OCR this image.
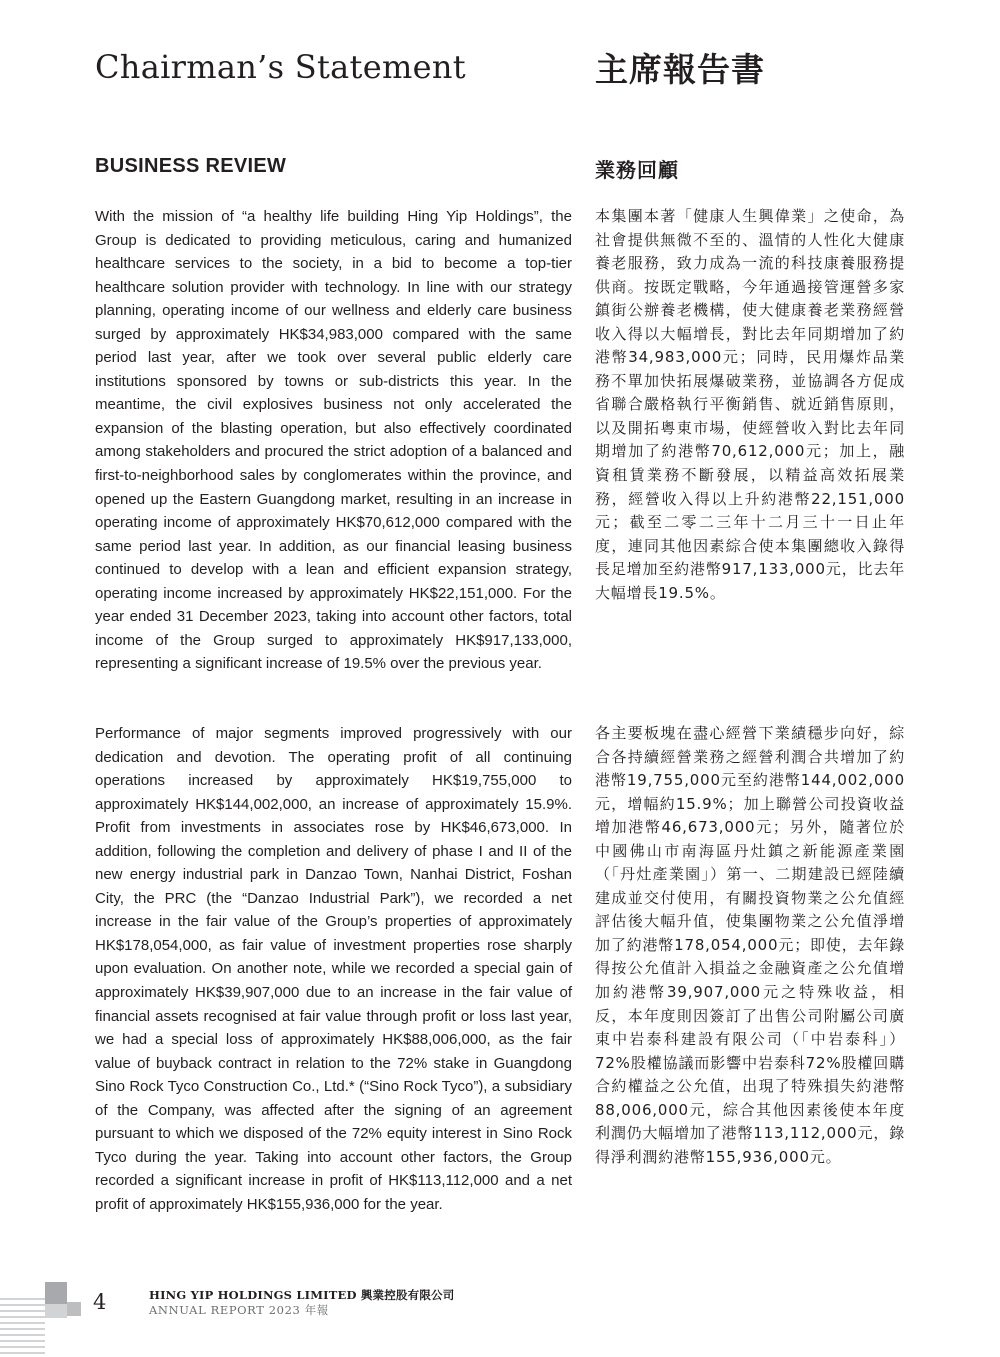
Chairman’s Statement	主席報告書
BUSINESS REVIEW	業務回顧

With the mission of “a healthy life building Hing Yip Holdings”, the Group is dedicated to providing meticulous, caring and humanized healthcare services to the society, in a bid to become a top-tier healthcare solution provider with technology. In line with our strategy planning, operating income of our wellness and elderly care business surged by approximately HK$34,983,000 compared with the same period last year, after we took over several public elderly care institutions sponsored by towns or sub-districts this year. In the meantime, the civil explosives business not only accelerated the expansion of the blasting operation, but also effectively coordinated among stakeholders and procured the strict adoption of a balanced and first-to-neighborhood sales by conglomerates within the province, and opened up the Eastern Guangdong market, resulting in an increase in operating income of approximately HK$70,612,000 compared with the same period last year. In addition, as our financial leasing business continued to develop with a lean and efficient expansion strategy, operating income increased by approximately HK$22,151,000. For the year ended 31 December 2023, taking into account other factors, total income of the Group surged to approximately HK$917,133,000, representing a significant increase of 19.5% over the previous year.

Performance of major segments improved progressively with our dedication and devotion. The operating profit of all continuing operations increased by approximately HK$19,755,000 to approximately HK$144,002,000, an increase of approximately 15.9%. Profit from investments in associates rose by HK$46,673,000. In addition, following the completion and delivery of phase I and II of the new energy industrial park in Danzao Town, Nanhai District, Foshan City, the PRC (the “Danzao Industrial Park”), we recorded a net increase in the fair value of the Group’s properties of approximately HK$178,054,000, as fair value of investment properties rose sharply upon evaluation. On another note, while we recorded a special gain of approximately HK$39,907,000 due to an increase in the fair value of financial assets recognised at fair value through profit or loss last year, we had a special loss of approximately HK$88,006,000, as the fair value of buyback contract in relation to the 72% stake in Guangdong Sino Rock Tyco Construction Co., Ltd.* (“Sino Rock Tyco”), a subsidiary of the Company, was affected after the signing of an agreement pursuant to which we disposed of the 72% equity interest in Sino Rock Tyco during the year. Taking into account other factors, the Group recorded a significant increase in profit of HK$113,112,000 and a net profit of approximately HK$155,936,000 for the year.

本集團本著「健康人生興偉業」之使命，為社會提供無微不至的、溫情的人性化大健康養老服務，致力成為一流的科技康養服務提供商。按既定戰略，今年通過接管運營多家鎮街公辦養老機構，使大健康養老業務經營收入得以大幅增長，對比去年同期增加了約港幣34,983,000元；同時，民用爆炸品業務不單加快拓展爆破業務，並協調各方促成省聯合嚴格執行平衡銷售、就近銷售原則，以及開拓粵東市場，使經營收入對比去年同期增加了約港幣70,612,000元；加上，融資租賃業務不斷發展，以精益高效拓展業務，經營收入得以上升約港幣22,151,000元；截至二零二三年十二月三十一日止年度，連同其他因素綜合使本集團總收入錄得長足增加至約港幣917,133,000元，比去年大幅增長19.5%。

各主要板塊在盡心經營下業績穩步向好，綜合各持續經營業務之經營利潤合共增加了約港幣19,755,000元至約港幣144,002,000元，增幅約15.9%；加上聯營公司投資收益增加港幣46,673,000元；另外，隨著位於中國佛山市南海區丹灶鎮之新能源產業園（「丹灶產業園」）第一、二期建設已經陸續建成並交付使用，有關投資物業之公允值經評估後大幅升值，使集團物業之公允值淨增加了約港幣178,054,000元；即使，去年錄得按公允值計入損益之金融資產之公允值增加約港幣39,907,000元之特殊收益，相反，本年度則因簽訂了出售公司附屬公司廣東中岩泰科建設有限公司（「中岩泰科」）72%股權協議而影響中岩泰科72%股權回購合約權益之公允值，出現了特殊損失約港幣88,006,000元，綜合其他因素後使本年度利潤仍大幅增加了港幣113,112,000元，錄得淨利潤約港幣155,936,000元。

4	HING YIP HOLDINGS LIMITED 興業控股有限公司
ANNUAL REPORT 2023 年報
